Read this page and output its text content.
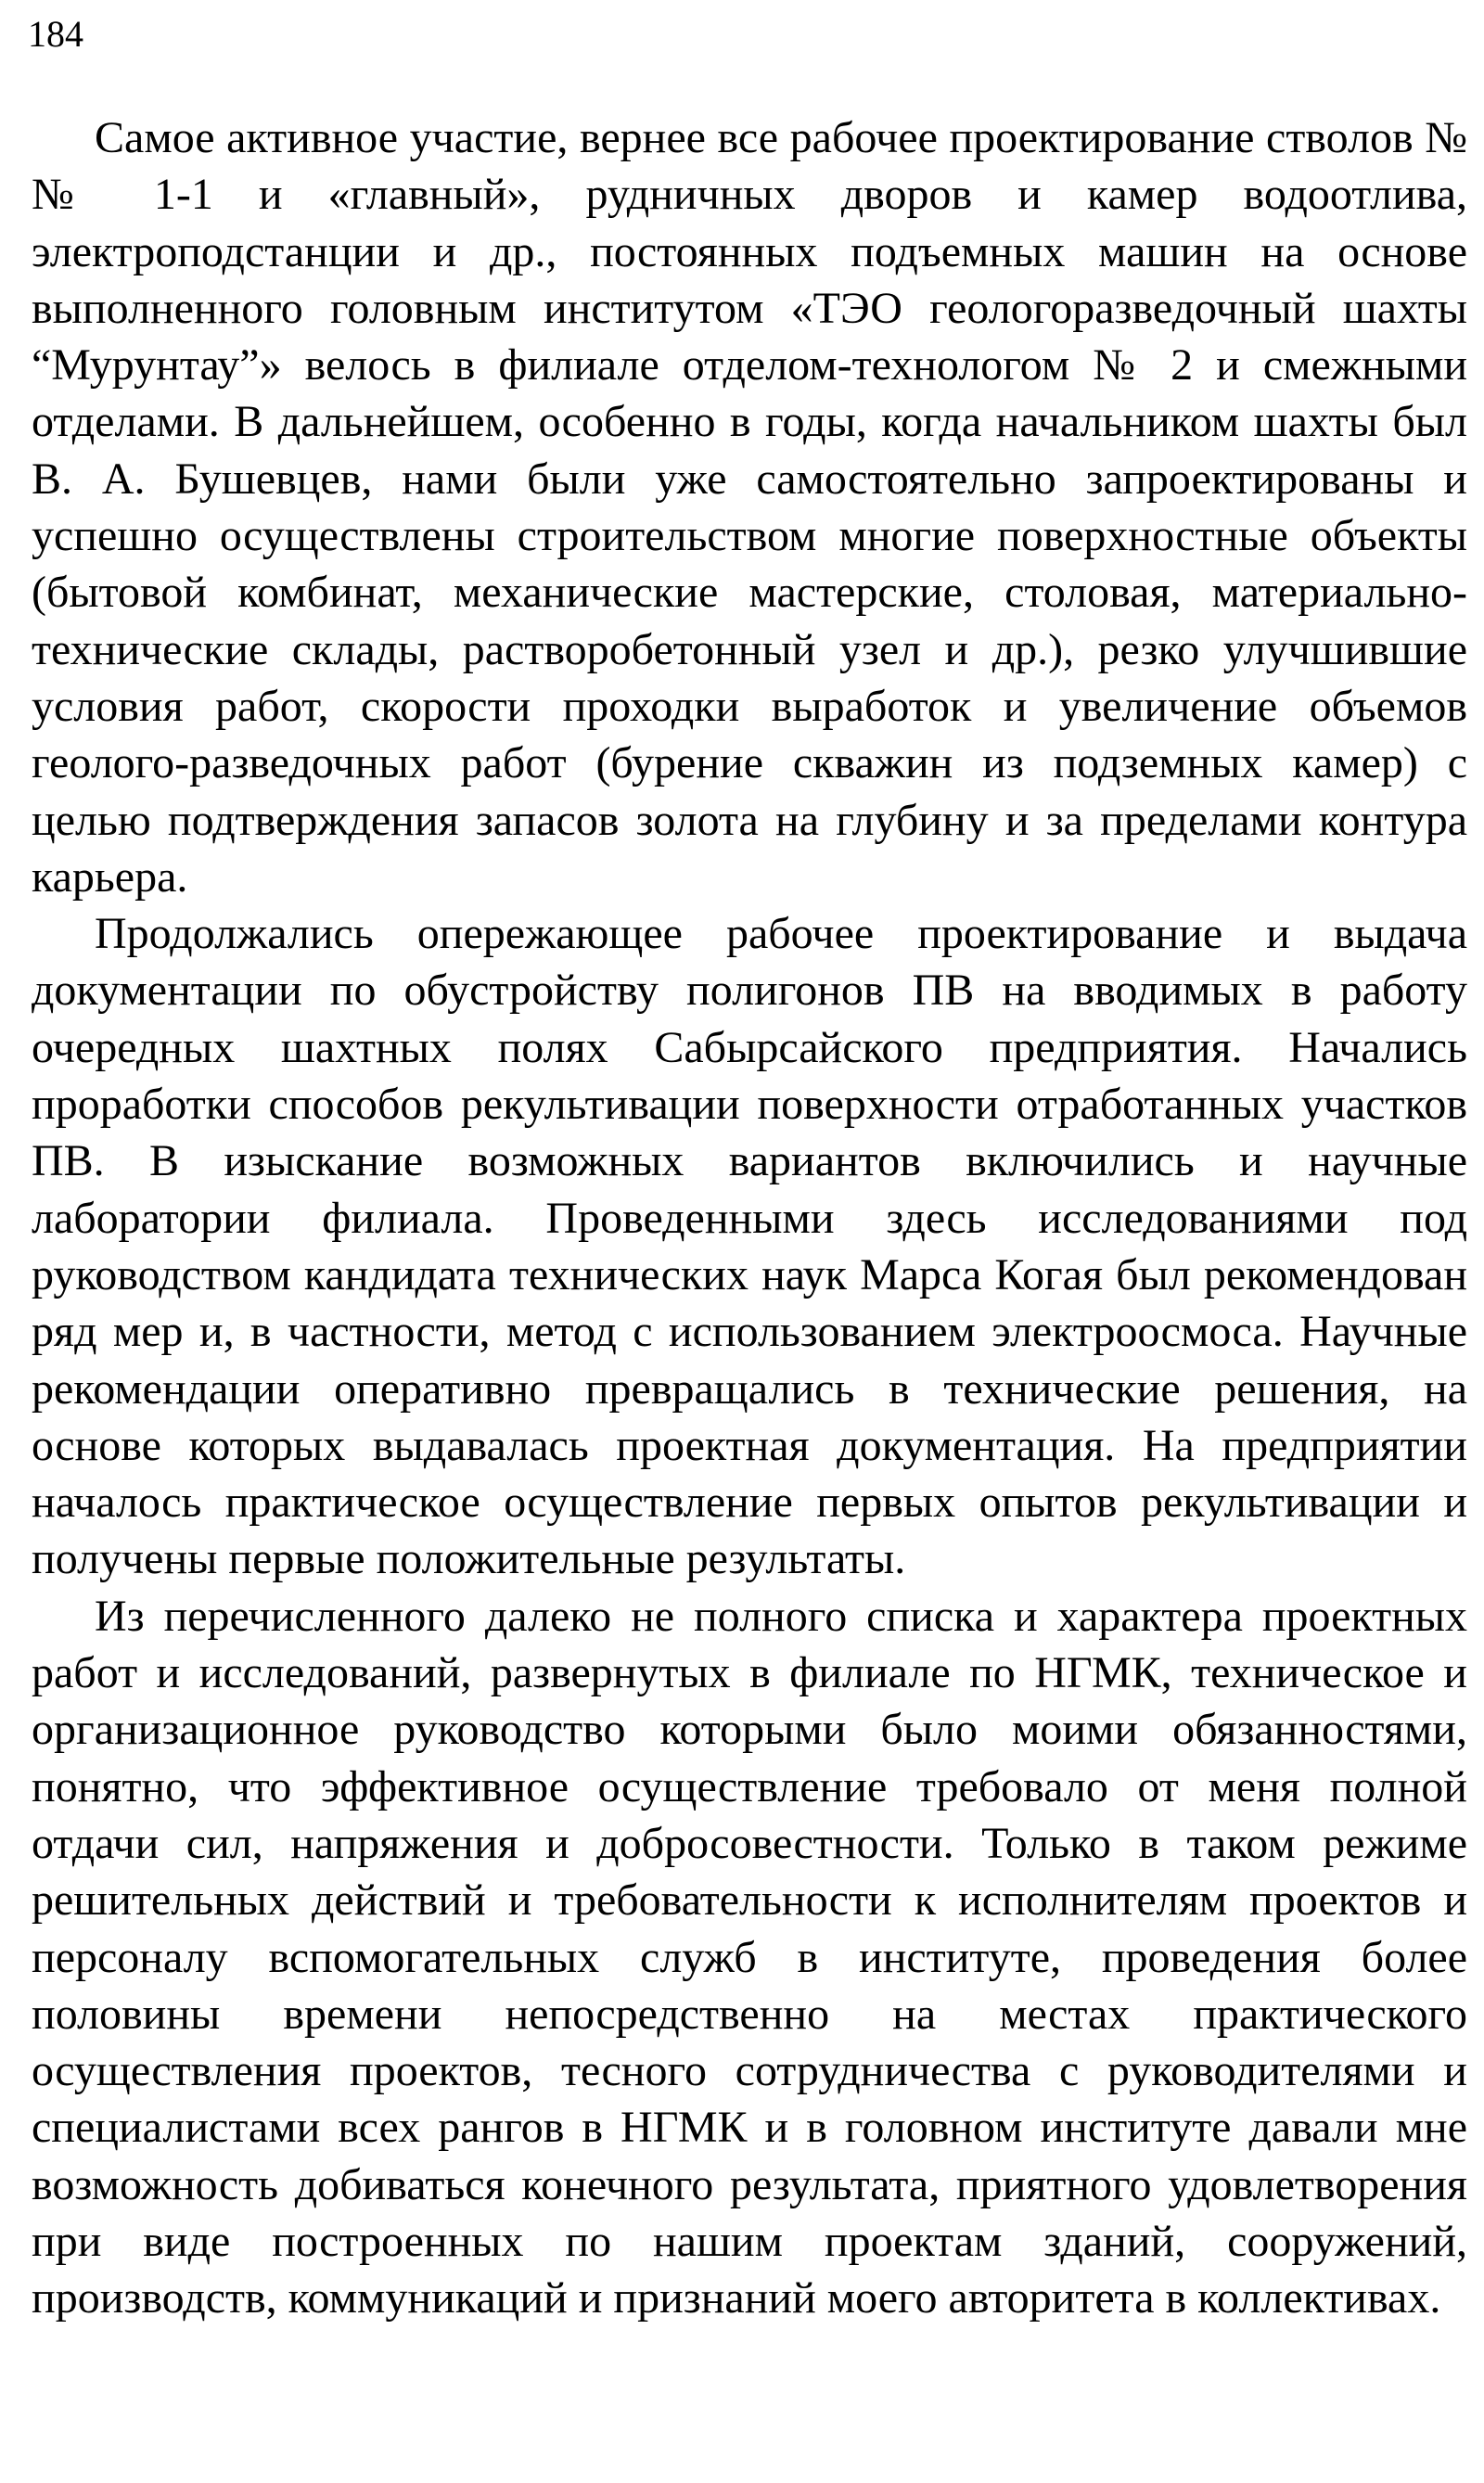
184

Самое активное участие, вернее все рабочее проектирование стволов №№ 1-1 и «главный», рудничных дворов и камер водоотлива, электроподстанции и др., постоянных подъемных машин на основе выполненного головным институтом «ТЭО геологоразведочный шахты “Мурунтау”» велось в филиале отделом-технологом № 2 и смежными отделами. В дальнейшем, особенно в годы, когда начальником шахты был В. А. Бушевцев, нами были уже самостоятельно запроектированы и успешно осуществлены строительством многие поверхностные объекты (бытовой комбинат, механические мастерские, столовая, материально-технические склады, растворобетонный узел и др.), резко улучшившие условия работ, скорости проходки выработок и увеличение объемов геолого-разведочных работ (бурение скважин из подземных камер) с целью подтверждения запасов золота на глубину и за пределами контура карьера.

Продолжались опережающее рабочее проектирование и выдача документации по обустройству полигонов ПВ на вводимых в работу очередных шахтных полях Сабырсайского предприятия. Начались проработки способов рекультивации поверхности отработанных участков ПВ. В изыскание возможных вариантов включились и научные лаборатории филиала. Проведенными здесь исследованиями под руководством кандидата технических наук Марса Когая был рекомендован ряд мер и, в частности, метод с использованием электроосмоса. Научные рекомендации оперативно превращались в технические решения, на основе которых выдавалась проектная документация. На предприятии началось практическое осуществление первых опытов рекультивации и получены первые положительные результаты.

Из перечисленного далеко не полного списка и характера проектных работ и исследований, развернутых в филиале по НГМК, техническое и организационное руководство которыми было моими обязанностями, понятно, что эффективное осуществление требовало от меня полной отдачи сил, напряжения и добросовестности. Только в таком режиме решительных действий и требовательности к исполнителям проектов и персоналу вспомогательных служб в институте, проведения более половины времени непосредственно на местах практического осуществления проектов, тесного сотрудничества с руководителями и специалистами всех рангов в НГМК и в головном институте давали мне возможность добиваться конечного результата, приятного удовлетворения при виде построенных по нашим проектам зданий, сооружений, производств, коммуникаций и признаний моего авторитета в коллективах.
